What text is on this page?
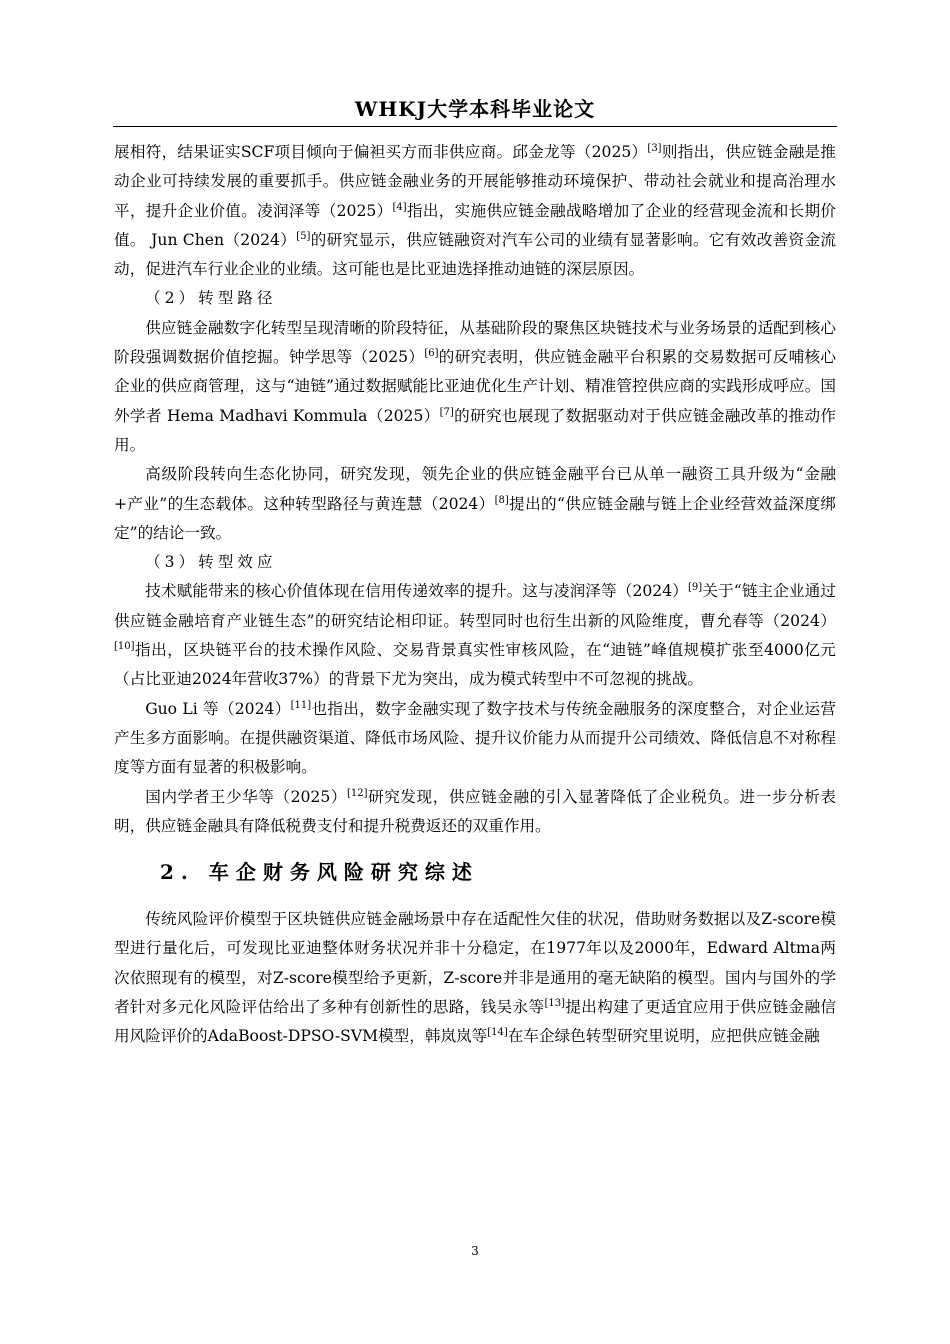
WHKJ大学本科毕业论文

展相符，结果证实SCF项目倾向于偏袒买方而非供应商。邱金龙等（2025）[3]则指出，供应链金融是推动企业可持续发展的重要抓手。供应链金融业务的开展能够推动环境保护、带动社会就业和提高治理水平，提升企业价值。凌润泽等（2025）[4]指出，实施供应链金融战略增加了企业的经营现金流和长期价值。 Jun Chen（2024）[5]的研究显示，供应链融资对汽车公司的业绩有显著影响。它有效改善资金流动，促进汽车行业企业的业绩。这可能也是比亚迪选择推动迪链的深层原因。

（2）转型路径

供应链金融数字化转型呈现清晰的阶段特征，从基础阶段的聚焦区块链技术与业务场景的适配到核心阶段强调数据价值挖掘。钟学思等（2025）[6]的研究表明，供应链金融平台积累的交易数据可反哺核心企业的供应商管理，这与“迪链”通过数据赋能比亚迪优化生产计划、精准管控供应商的实践形成呼应。国外学者 Hema Madhavi Kommula（2025）[7]的研究也展现了数据驱动对于供应链金融改革的推动作用。

高级阶段转向生态化协同，研究发现，领先企业的供应链金融平台已从单一融资工具升级为“金融+产业”的生态载体。这种转型路径与黄连慧（2024）[8]提出的“供应链金融与链上企业经营效益深度绑定”的结论一致。

（3）转型效应

技术赋能带来的核心价值体现在信用传递效率的提升。这与凌润泽等（2024）[9]关于“链主企业通过供应链金融培育产业链生态”的研究结论相印证。转型同时也衍生出新的风险维度，曹允春等（2024）[10]指出，区块链平台的技术操作风险、交易背景真实性审核风险，在“迪链”峰值规模扩张至4000亿元（占比亚迪2024年营收37%）的背景下尤为突出，成为模式转型中不可忽视的挑战。

Guo Li 等（2024）[11]也指出，数字金融实现了数字技术与传统金融服务的深度整合，对企业运营产生多方面影响。在提供融资渠道、降低市场风险、提升议价能力从而提升公司绩效、降低信息不对称程度等方面有显著的积极影响。

国内学者王少华等（2025）[12]研究发现，供应链金融的引入显著降低了企业税负。进一步分析表明，供应链金融具有降低税费支付和提升税费返还的双重作用。

2. 车企财务风险研究综述

传统风险评价模型于区块链供应链金融场景中存在适配性欠佳的状况，借助财务数据以及Z-score模型进行量化后，可发现比亚迪整体财务状况并非十分稳定，在1977年以及2000年，Edward Altma两次依照现有的模型，对Z-score模型给予更新，Z-score并非是通用的毫无缺陷的模型。国内与国外的学者针对多元化风险评估给出了多种有创新性的思路，钱吴永等[13]提出构建了更适宜应用于供应链金融信用风险评价的AdaBoost-DPSO-SVM模型，韩岚岚等[14]在车企绿色转型研究里说明，应把供应链金融

3
